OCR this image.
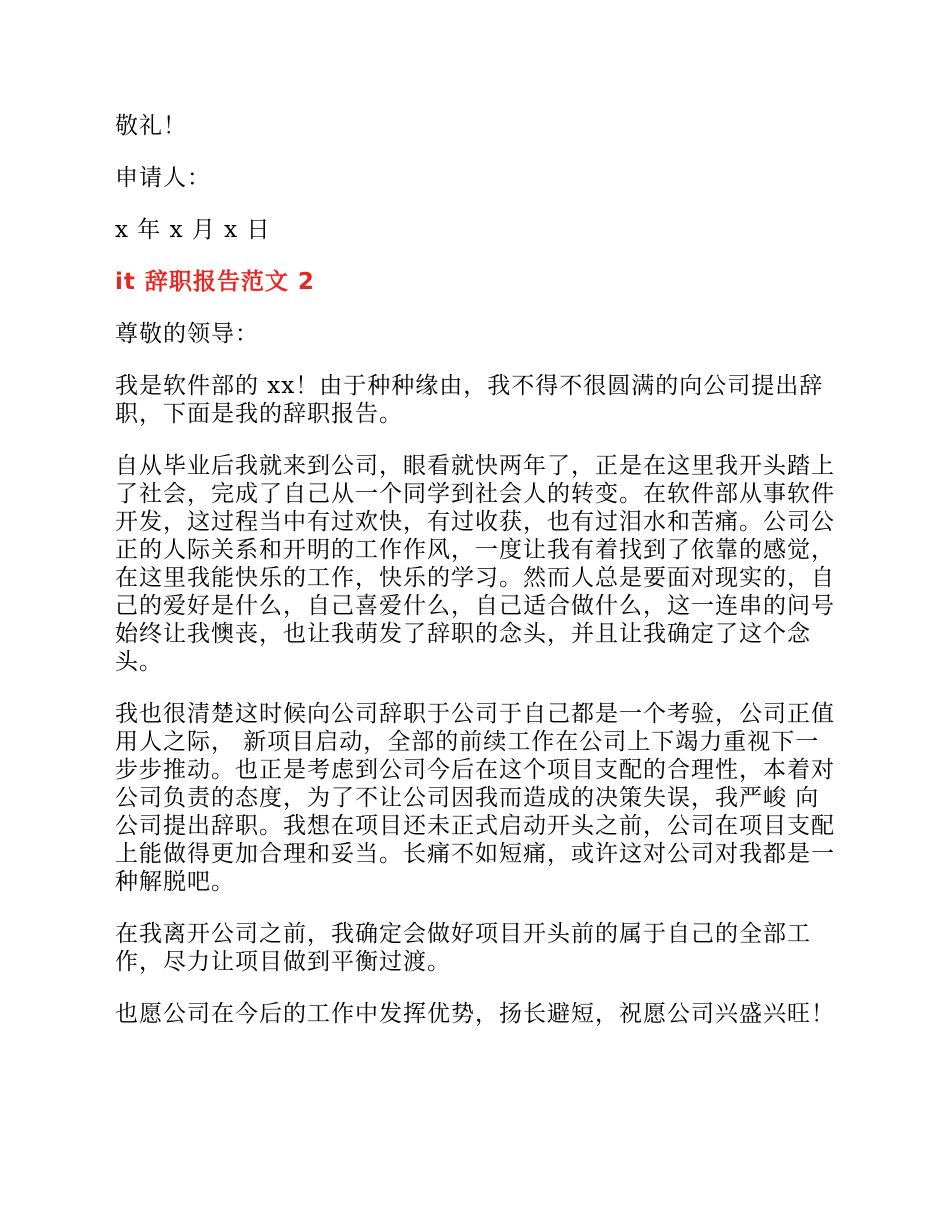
敬礼！

申请人：

x 年 x 月 x 日

it 辞职报告范文 2

尊敬的领导：

我是软件部的 xx！由于种种缘由，我不得不很圆满的向公司提出辞职，下面是我的辞职报告。

自从毕业后我就来到公司，眼看就快两年了，正是在这里我开头踏上了社会，完成了自己从一个同学到社会人的转变。在软件部从事软件开发，这过程当中有过欢快，有过收获，也有过泪水和苦痛。公司公正的人际关系和开明的工作作风，一度让我有着找到了依靠的感觉，在这里我能快乐的工作，快乐的学习。然而人总是要面对现实的，自己的爱好是什么，自己喜爱什么，自己适合做什么，这一连串的问号始终让我懊丧，也让我萌发了辞职的念头，并且让我确定了这个念头。

我也很清楚这时候向公司辞职于公司于自己都是一个考验，公司正值用人之际， 新项目启动，全部的前续工作在公司上下竭力重视下一步步推动。也正是考虑到公司今后在这个项目支配的合理性，本着对公司负责的态度，为了不让公司因我而造成的决策失误，我严峻 向公司提出辞职。我想在项目还未正式启动开头之前，公司在项目支配上能做得更加合理和妥当。长痛不如短痛，或许这对公司对我都是一种解脱吧。

在我离开公司之前，我确定会做好项目开头前的属于自己的全部工作，尽力让项目做到平衡过渡。

也愿公司在今后的工作中发挥优势，扬长避短，祝愿公司兴盛兴旺！
